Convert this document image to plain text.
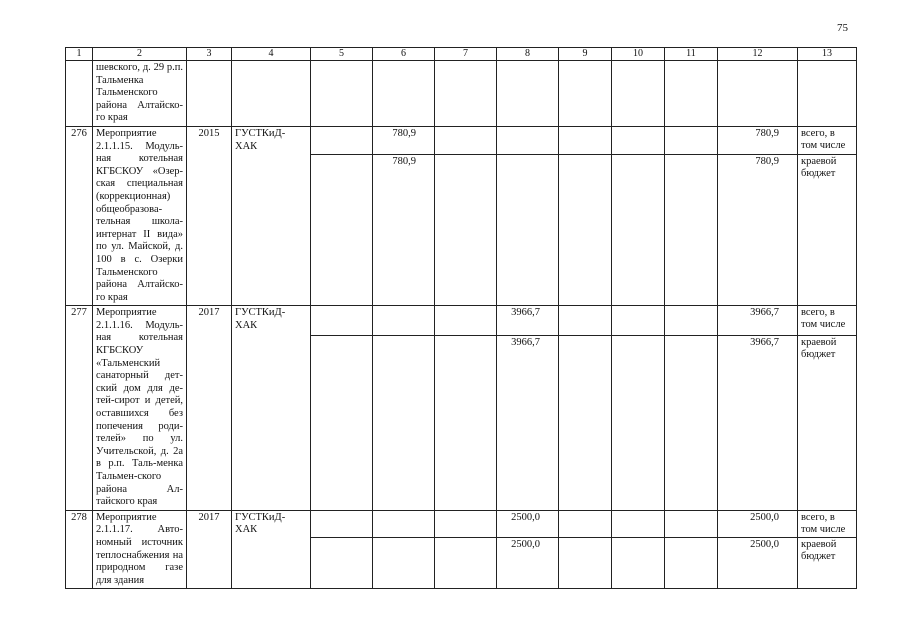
75
1	2	3	4	5	6	7	8	9	10	11	12	13
	шевского, д. 29 р.п. Тальменка Тальменского района Алтайско-го края											
276	Мероприятие 2.1.1.15. Модуль-ная котельная КГБСКОУ «Озер-ская специальная (коррекционная) общеобразова-тельная школа-интернат II вида» по ул. Майской, д. 100 в с. Озерки Тальменского района Алтайско-го края	2015	ГУСТКиД-ХАК		780,9						780,9	всего, в том числе
					780,9						780,9	краевой бюджет
277	Мероприятие 2.1.1.16. Модуль-ная котельная КГБСКОУ «Тальменский санаторный дет-ский дом для де-тей-сирот и детей, оставшихся без попечения роди-телей» по ул. Учительской, д. 2а в р.п. Таль-менка Тальмен-ского района Ал-тайского края	2017	ГУСТКиД-ХАК				3966,7				3966,7	всего, в том числе
							3966,7				3966,7	краевой бюджет
278	Мероприятие 2.1.1.17. Авто-номный источник теплоснабжения на природном газе для здания	2017	ГУСТКиД-ХАК				2500,0				2500,0	всего, в том числе
							2500,0				2500,0	краевой бюджет
